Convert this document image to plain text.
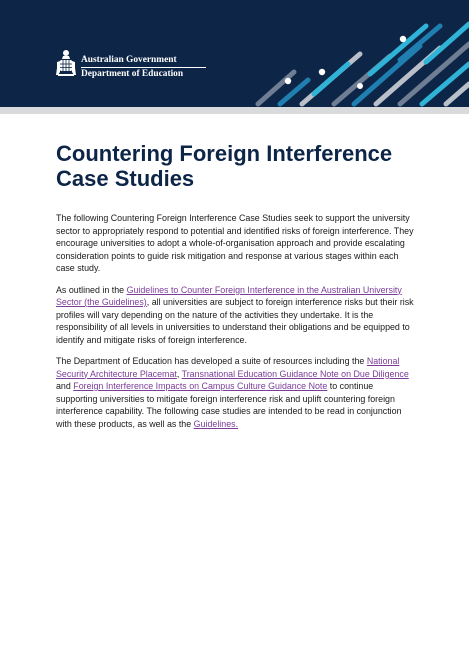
Australian Government
Department of Education
Countering Foreign Interference
Case Studies

The following Countering Foreign Interference Case Studies seek to support the university sector to appropriately respond to potential and identified risks of foreign interference. They encourage universities to adopt a whole-of-organisation approach and provide escalating consideration points to guide risk mitigation and response at various stages within each case study.

As outlined in the Guidelines to Counter Foreign Interference in the Australian University Sector (the Guidelines), all universities are subject to foreign interference risks but their risk profiles will vary depending on the nature of the activities they undertake. It is the responsibility of all levels in universities to understand their obligations and be equipped to identify and mitigate risks of foreign interference.

The Department of Education has developed a suite of resources including the National Security Architecture Placemat, Transnational Education Guidance Note on Due Diligence and Foreign Interference Impacts on Campus Culture Guidance Note to continue supporting universities to mitigate foreign interference risk and uplift countering foreign interference capability. The following case studies are intended to be read in conjunction with these products, as well as the Guidelines.
